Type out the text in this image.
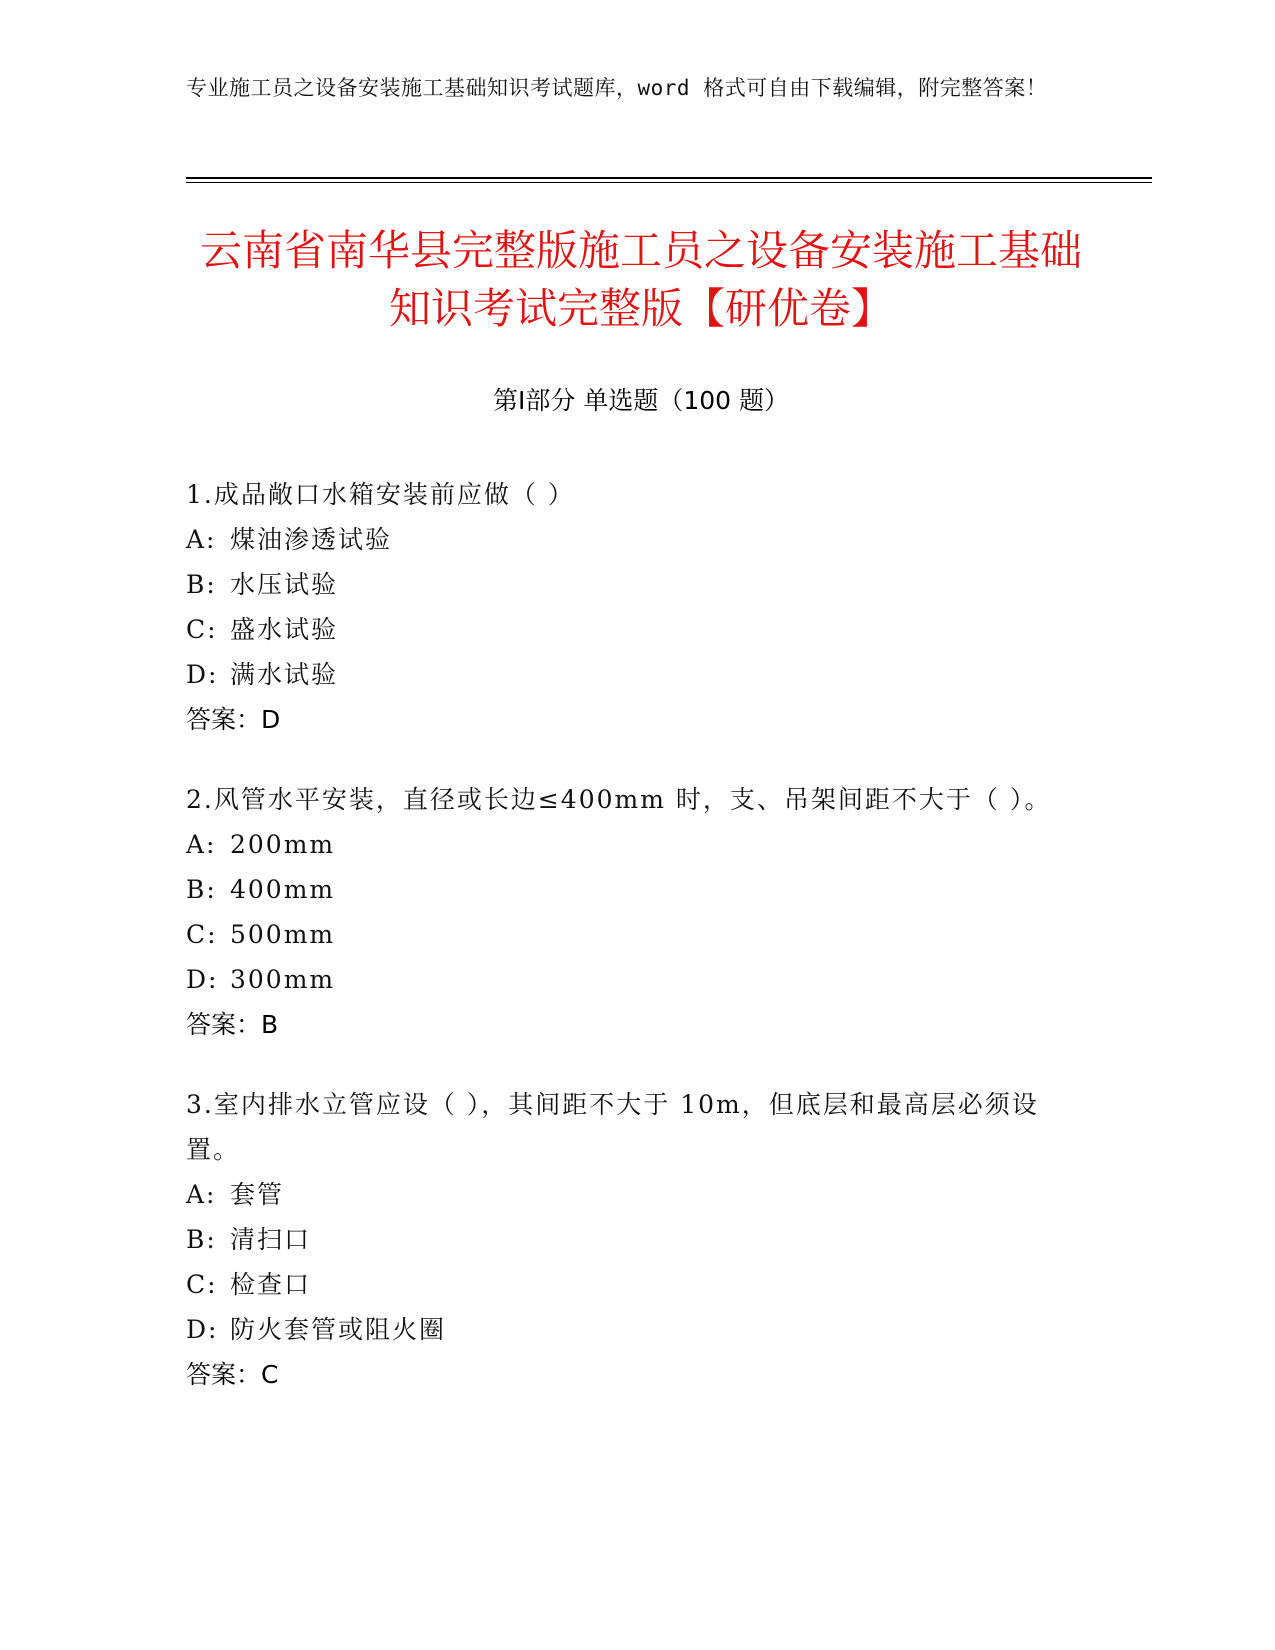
专业施工员之设备安装施工基础知识考试题库，word 格式可自由下载编辑，附完整答案！
云南省南华县完整版施工员之设备安装施工基础知识考试完整版【研优卷】
第Ⅰ部分 单选题（100 题）
1.成品敞口水箱安装前应做（ ）
A: 煤油渗透试验
B: 水压试验
C: 盛水试验
D: 满水试验
答案：D
2.风管水平安装，直径或长边≤400mm 时，支、吊架间距不大于（ ）。
A: 200mm
B: 400mm
C: 500mm
D: 300mm
答案：B
3.室内排水立管应设（ ），其间距不大于 10m，但底层和最高层必须设置。
A: 套管
B: 清扫口
C: 检查口
D: 防火套管或阻火圈
答案：C
